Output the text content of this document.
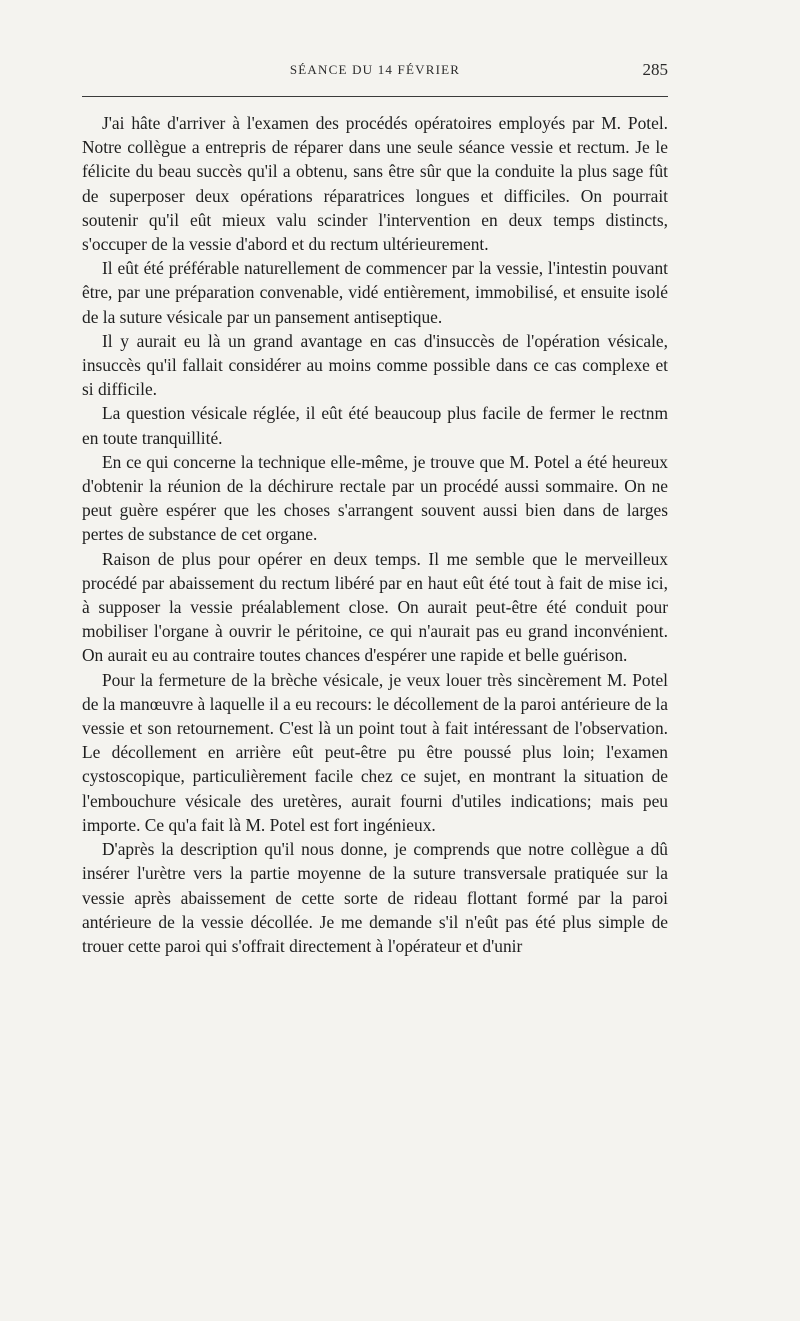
SÉANCE DU 14 FÉVRIER	285

J'ai hâte d'arriver à l'examen des procédés opératoires employés par M. Potel. Notre collègue a entrepris de réparer dans une seule séance vessie et rectum. Je le félicite du beau succès qu'il a obtenu, sans être sûr que la conduite la plus sage fût de superposer deux opérations réparatrices longues et difficiles. On pourrait soutenir qu'il eût mieux valu scinder l'intervention en deux temps distincts, s'occuper de la vessie d'abord et du rectum ultérieurement.

Il eût été préférable naturellement de commencer par la vessie, l'intestin pouvant être, par une préparation convenable, vidé entièrement, immobilisé, et ensuite isolé de la suture vésicale par un pansement antiseptique.

Il y aurait eu là un grand avantage en cas d'insuccès de l'opération vésicale, insuccès qu'il fallait considérer au moins comme possible dans ce cas complexe et si difficile.

La question vésicale réglée, il eût été beaucoup plus facile de fermer le rectnm en toute tranquillité.

En ce qui concerne la technique elle-même, je trouve que M. Potel a été heureux d'obtenir la réunion de la déchirure rectale par un procédé aussi sommaire. On ne peut guère espérer que les choses s'arrangent souvent aussi bien dans de larges pertes de substance de cet organe.

Raison de plus pour opérer en deux temps. Il me semble que le merveilleux procédé par abaissement du rectum libéré par en haut eût été tout à fait de mise ici, à supposer la vessie préalablement close. On aurait peut-être été conduit pour mobiliser l'organe à ouvrir le péritoine, ce qui n'aurait pas eu grand inconvénient. On aurait eu au contraire toutes chances d'espérer une rapide et belle guérison.

Pour la fermeture de la brèche vésicale, je veux louer très sincèrement M. Potel de la manœuvre à laquelle il a eu recours: le décollement de la paroi antérieure de la vessie et son retournement. C'est là un point tout à fait intéressant de l'observation. Le décollement en arrière eût peut-être pu être poussé plus loin; l'examen cystoscopique, particulièrement facile chez ce sujet, en montrant la situation de l'embouchure vésicale des uretères, aurait fourni d'utiles indications; mais peu importe. Ce qu'a fait là M. Potel est fort ingénieux.

D'après la description qu'il nous donne, je comprends que notre collègue a dû insérer l'urètre vers la partie moyenne de la suture transversale pratiquée sur la vessie après abaissement de cette sorte de rideau flottant formé par la paroi antérieure de la vessie décollée. Je me demande s'il n'eût pas été plus simple de trouer cette paroi qui s'offrait directement à l'opérateur et d'unir
